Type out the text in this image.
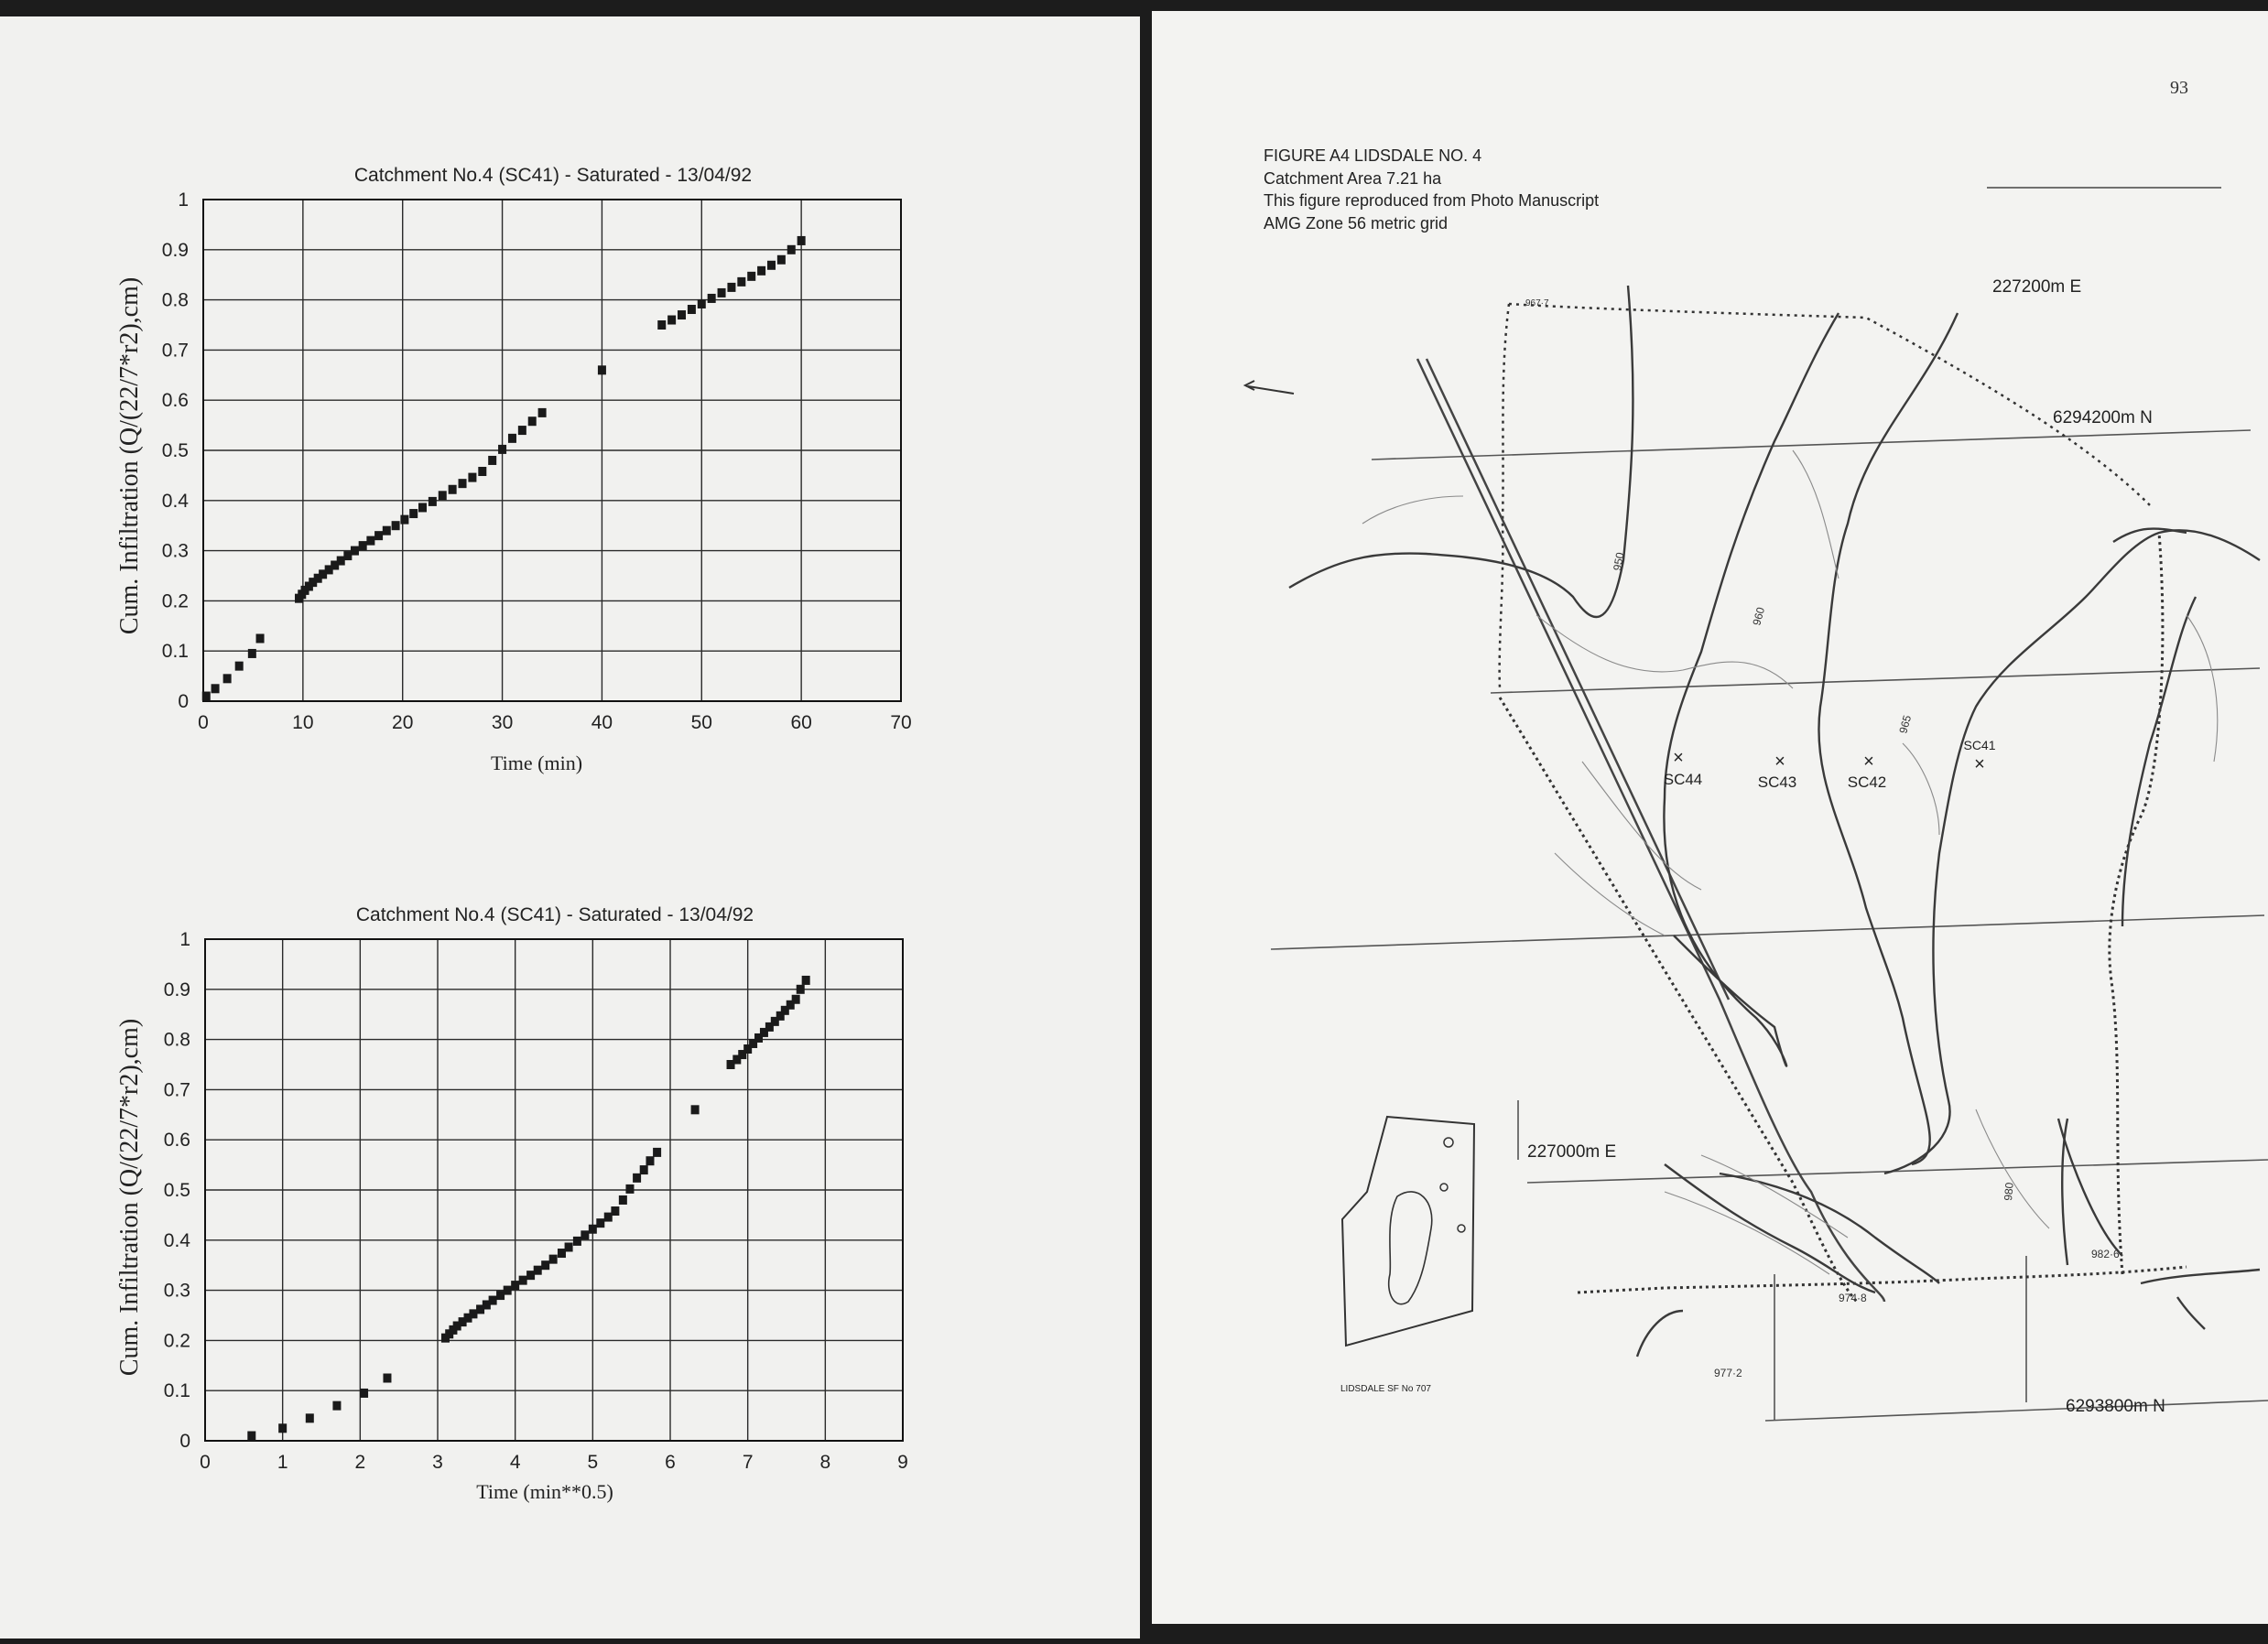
Catchment No.4 (SC41) - Saturated - 13/04/92
Time (min)
Cum. Infiltration (Q/(22/7*r2),cm)
0	10	20	30	40	50	60	70
0
0.1
0.2
0.3
0.4
0.5
0.6
0.7
0.8
0.9
1
Catchment No.4 (SC41) - Saturated - 13/04/92
Time (min**0.5)
Cum. Infiltration (Q/(22/7*r2),cm)
0	1	2	3	4	5	6	7	8	9
0
0.1
0.2
0.3
0.4
0.5
0.6
0.7
0.8
0.9
1
93
FIGURE A4 LIDSDALE NO. 4
Catchment Area 7.21 ha
This figure reproduced from Photo Manuscript
AMG Zone 56 metric grid
×
SC44
×
SC43
×
SC42
SC41
×
227200m E
6294200m N
227000m E
6293800m N
950
960
965
980
982·6
974·8
977·2
967·7
LIDSDALE SF No 707
